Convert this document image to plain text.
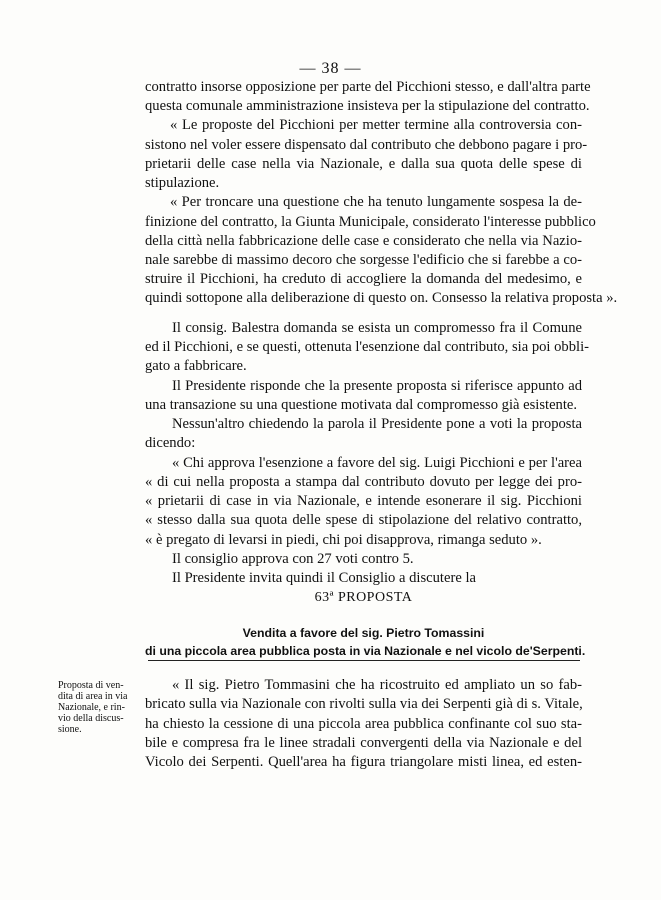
— 38 —
contratto insorse opposizione per parte del Picchioni stesso, e dall'altra parte
questa comunale amministrazione insisteva per la stipulazione del contratto.
« Le proposte del Picchioni per metter termine alla controversia con-
sistono nel voler essere dispensato dal contributo che debbono pagare i pro-
prietarii delle case nella via Nazionale, e dalla sua quota delle spese di
stipulazione.
« Per troncare una questione che ha tenuto lungamente sospesa la de-
finizione del contratto, la Giunta Municipale, considerato l'interesse pubblico
della città nella fabbricazione delle case e considerato che nella via Nazio-
nale sarebbe di massimo decoro che sorgesse l'edificio che si farebbe a co-
struire il Picchioni, ha creduto di accogliere la domanda del medesimo, e
quindi sottopone alla deliberazione di questo on. Consesso la relativa proposta ».
Il consig. Balestra domanda se esista un compromesso fra il Comune
ed il Picchioni, e se questi, ottenuta l'esenzione dal contributo, sia poi obbli-
gato a fabbricare.
Il Presidente risponde che la presente proposta si riferisce appunto ad
una transazione su una questione motivata dal compromesso già esistente.
Nessun'altro chiedendo la parola il Presidente pone a voti la proposta
dicendo:
« Chi approva l'esenzione a favore del sig. Luigi Picchioni e per l'area
« di cui nella proposta a stampa dal contributo dovuto per legge dei pro-
« prietarii di case in via Nazionale, e intende esonerare il sig. Picchioni
« stesso dalla sua quota delle spese di stipolazione del relativo contratto,
« è pregato di levarsi in piedi, chi poi disapprova, rimanga seduto ».
Il consiglio approva con 27 voti contro 5.
Il Presidente invita quindi il Consiglio a discutere la
63ª PROPOSTA
Vendita a favore del sig. Pietro Tomassini
di una piccola area pubblica posta in via Nazionale e nel vicolo de'Serpenti.
Proposta di ven-
dita di area in via
Nazionale, e rin-
vio della discus-
sione.
« Il sig. Pietro Tommasini che ha ricostruito ed ampliato un so fab-
bricato sulla via Nazionale con rivolti sulla via dei Serpenti già di s. Vitale,
ha chiesto la cessione di una piccola area pubblica confinante col suo sta-
bile e compresa fra le linee stradali convergenti della via Nazionale e del
Vicolo dei Serpenti. Quell'area ha figura triangolare misti linea, ed esten-
